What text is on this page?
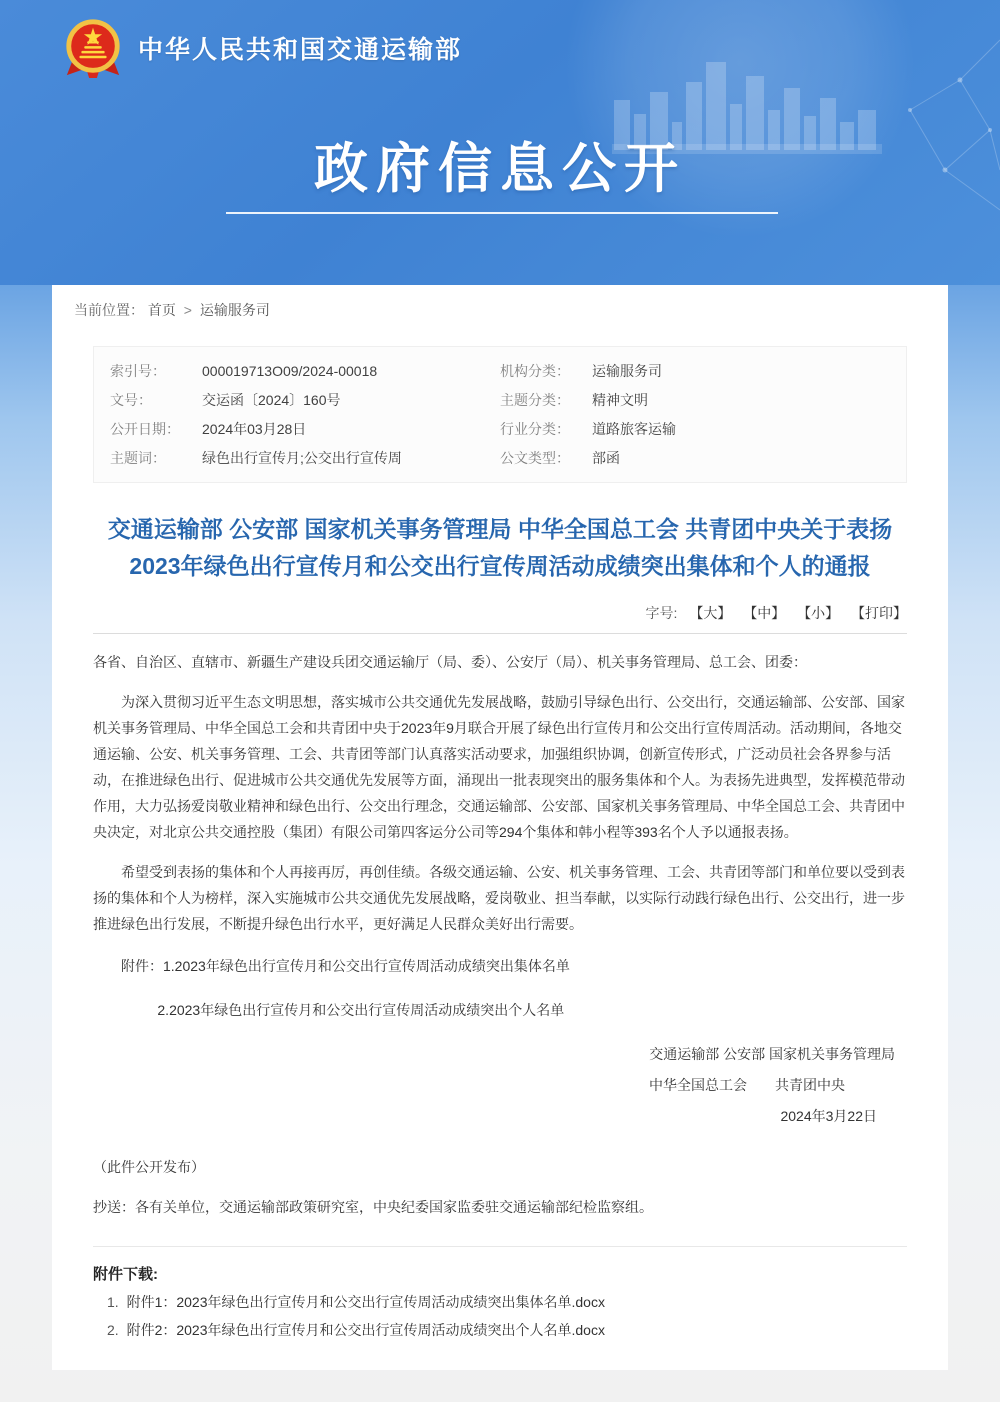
中华人民共和国交通运输部
政府信息公开
当前位置： 首页 > 运输服务司
索引号：	000019713O09/2024-00018	机构分类：	运输服务司
文号：	交运函〔2024〕160号	主题分类：	精神文明
公开日期：	2024年03月28日	行业分类：	道路旅客运输
主题词：	绿色出行宣传月;公交出行宣传周	公文类型：	部函
交通运输部 公安部 国家机关事务管理局 中华全国总工会 共青团中央关于表扬2023年绿色出行宣传月和公交出行宣传周活动成绩突出集体和个人的通报
字号: 【大】 【中】 【小】 【打印】

各省、自治区、直辖市、新疆生产建设兵团交通运输厅（局、委）、公安厅（局）、机关事务管理局、总工会、团委：

为深入贯彻习近平生态文明思想，落实城市公共交通优先发展战略，鼓励引导绿色出行、公交出行，交通运输部、公安部、国家机关事务管理局、中华全国总工会和共青团中央于2023年9月联合开展了绿色出行宣传月和公交出行宣传周活动。活动期间，各地交通运输、公安、机关事务管理、工会、共青团等部门认真落实活动要求，加强组织协调，创新宣传形式，广泛动员社会各界参与活动，在推进绿色出行、促进城市公共交通优先发展等方面，涌现出一批表现突出的服务集体和个人。为表扬先进典型，发挥模范带动作用，大力弘扬爱岗敬业精神和绿色出行、公交出行理念，交通运输部、公安部、国家机关事务管理局、中华全国总工会、共青团中央决定，对北京公共交通控股（集团）有限公司第四客运分公司等294个集体和韩小程等393名个人予以通报表扬。

希望受到表扬的集体和个人再接再厉，再创佳绩。各级交通运输、公安、机关事务管理、工会、共青团等部门和单位要以受到表扬的集体和个人为榜样，深入实施城市公共交通优先发展战略，爱岗敬业、担当奉献，以实际行动践行绿色出行、公交出行，进一步推进绿色出行发展，不断提升绿色出行水平，更好满足人民群众美好出行需要。

附件：1.2023年绿色出行宣传月和公交出行宣传周活动成绩突出集体名单

2.2023年绿色出行宣传月和公交出行宣传周活动成绩突出个人名单

交通运输部 公安部 国家机关事务管理局
中华全国总工会　　共青团中央
2024年3月22日

（此件公开发布）

抄送：各有关单位，交通运输部政策研究室，中央纪委国家监委驻交通运输部纪检监察组。

附件下载:
1. 附件1：2023年绿色出行宣传月和公交出行宣传周活动成绩突出集体名单.docx
2. 附件2：2023年绿色出行宣传月和公交出行宣传周活动成绩突出个人名单.docx
